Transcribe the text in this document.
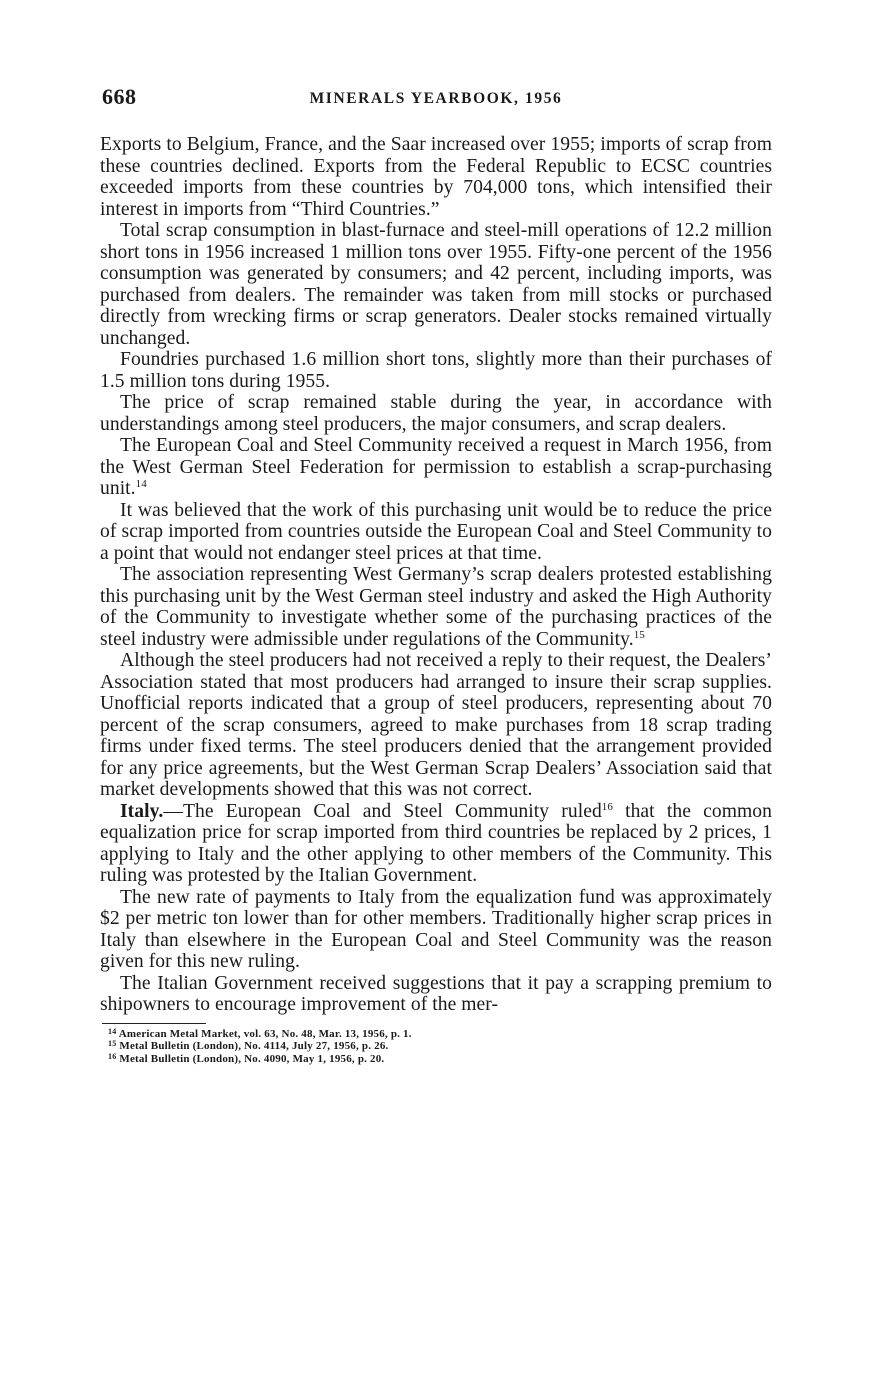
668	MINERALS YEARBOOK, 1956

Exports to Belgium, France, and the Saar increased over 1955; imports of scrap from these countries declined. Exports from the Federal Republic to ECSC countries exceeded imports from these countries by 704,000 tons, which intensified their interest in imports from “Third Countries.”

Total scrap consumption in blast-furnace and steel-mill operations of 12.2 million short tons in 1956 increased 1 million tons over 1955. Fifty-one percent of the 1956 consumption was generated by consumers; and 42 percent, including imports, was purchased from dealers. The remainder was taken from mill stocks or purchased directly from wrecking firms or scrap generators. Dealer stocks remained virtually unchanged.

Foundries purchased 1.6 million short tons, slightly more than their purchases of 1.5 million tons during 1955.

The price of scrap remained stable during the year, in accordance with understandings among steel producers, the major consumers, and scrap dealers.

The European Coal and Steel Community received a request in March 1956, from the West German Steel Federation for permission to establish a scrap-purchasing unit.$^{14}$

It was believed that the work of this purchasing unit would be to reduce the price of scrap imported from countries outside the European Coal and Steel Community to a point that would not endanger steel prices at that time.

The association representing West Germany’s scrap dealers protested establishing this purchasing unit by the West German steel industry and asked the High Authority of the Community to investigate whether some of the purchasing practices of the steel industry were admissible under regulations of the Community.$^{15}$

Although the steel producers had not received a reply to their request, the Dealers’ Association stated that most producers had arranged to insure their scrap supplies. Unofficial reports indicated that a group of steel producers, representing about 70 percent of the scrap consumers, agreed to make purchases from 18 scrap trading firms under fixed terms. The steel producers denied that the arrangement provided for any price agreements, but the West German Scrap Dealers’ Association said that market developments showed that this was not correct.

Italy.—The European Coal and Steel Community ruled$^{16}$ that the common equalization price for scrap imported from third countries be replaced by 2 prices, 1 applying to Italy and the other applying to other members of the Community. This ruling was protested by the Italian Government.

The new rate of payments to Italy from the equalization fund was approximately $2 per metric ton lower than for other members. Traditionally higher scrap prices in Italy than elsewhere in the European Coal and Steel Community was the reason given for this new ruling.

The Italian Government received suggestions that it pay a scrapping premium to shipowners to encourage improvement of the mer-

$^{14}$ American Metal Market, vol. 63, No. 48, Mar. 13, 1956, p. 1.
$^{15}$ Metal Bulletin (London), No. 4114, July 27, 1956, p. 26.
$^{16}$ Metal Bulletin (London), No. 4090, May 1, 1956, p. 20.
